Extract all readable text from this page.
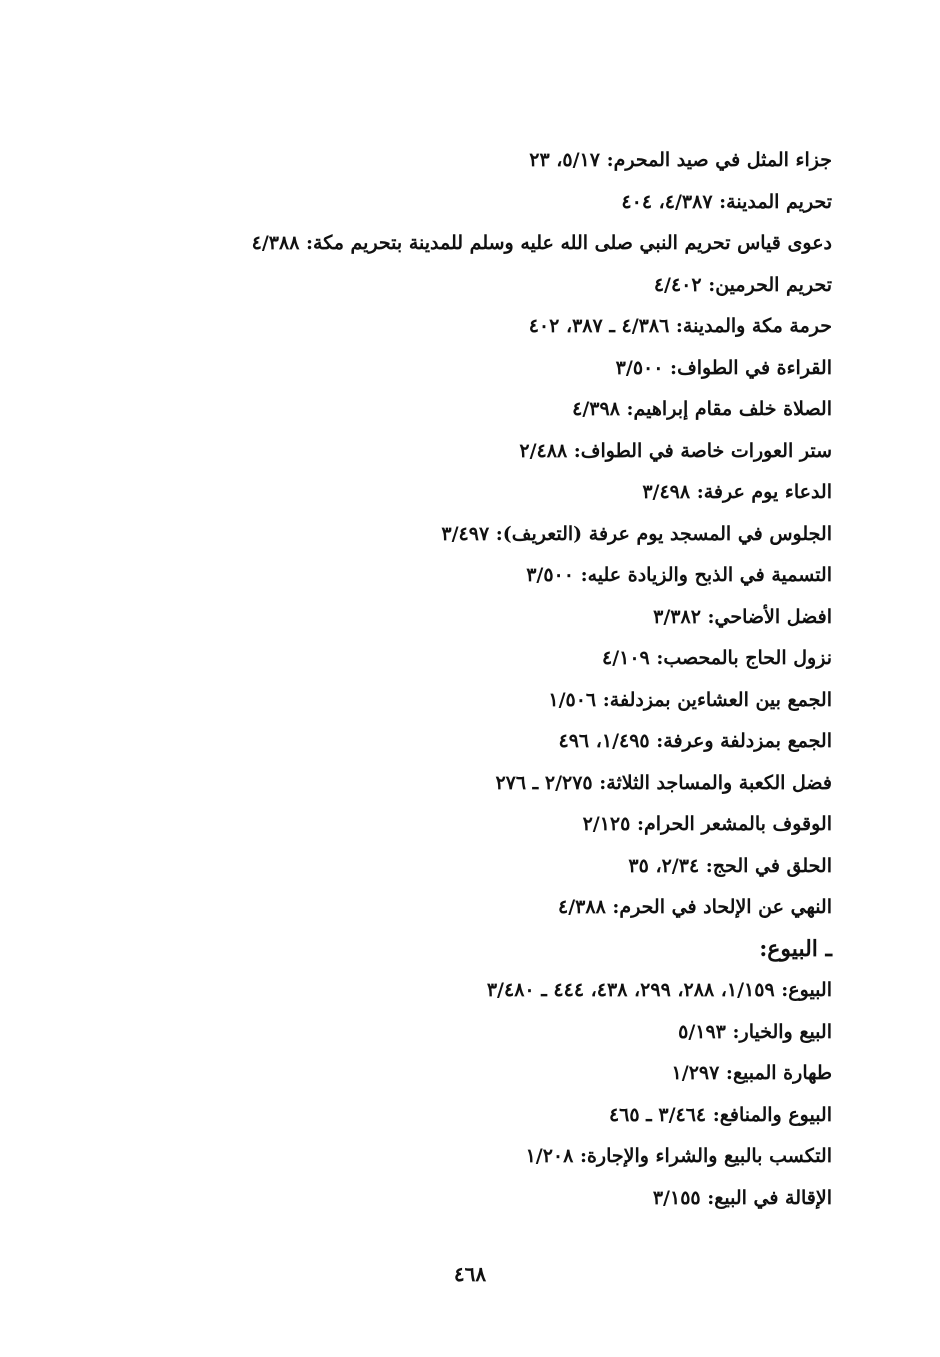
جزاء المثل في صيد المحرم: ٥/١٧، ٢٣
تحريم المدينة: ٤/٣٨٧، ٤٠٤
دعوى قياس تحريم النبي صلى الله عليه وسلم للمدينة بتحريم مكة: ٤/٣٨٨
تحريم الحرمين: ٤/٤٠٢
حرمة مكة والمدينة: ٤/٣٨٦ ـ ٣٨٧، ٤٠٢
القراءة في الطواف: ٣/٥٠٠
الصلاة خلف مقام إبراهيم: ٤/٣٩٨
ستر العورات خاصة في الطواف: ٢/٤٨٨
الدعاء يوم عرفة: ٣/٤٩٨
الجلوس في المسجد يوم عرفة (التعريف): ٣/٤٩٧
التسمية في الذبح والزيادة عليه: ٣/٥٠٠
افضل الأضاحي: ٣/٣٨٢
نزول الحاج بالمحصب: ٤/١٠٩
الجمع بين العشاءين بمزدلفة: ١/٥٠٦
الجمع بمزدلفة وعرفة: ١/٤٩٥، ٤٩٦
فضل الكعبة والمساجد الثلاثة: ٢/٢٧٥ ـ ٢٧٦
الوقوف بالمشعر الحرام: ٢/١٢٥
الحلق في الحج: ٢/٣٤، ٣٥
النهي عن الإلحاد في الحرم: ٤/٣٨٨
ـ البيوع:
البيوع: ١/١٥٩، ٢٨٨، ٢٩٩، ٤٣٨، ٤٤٤ ـ ٣/٤٨٠
البيع والخيار: ٥/١٩٣
طهارة المبيع: ١/٢٩٧
البيوع والمنافع: ٣/٤٦٤ ـ ٤٦٥
التكسب بالبيع والشراء والإجارة: ١/٢٠٨
الإقالة في البيع: ٣/١٥٥
٤٦٨
